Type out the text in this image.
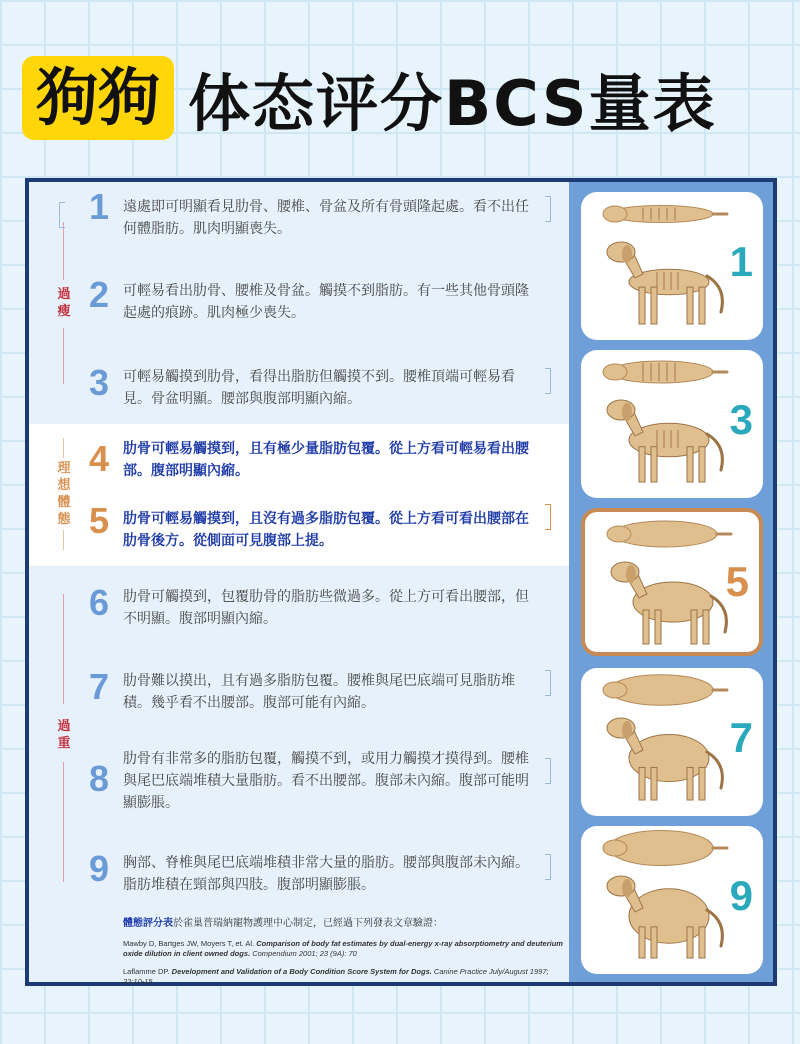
狗狗 体态评分BCS量表
過瘦
理想體態
過重
1 遠處即可明顯看見肋骨、腰椎、骨盆及所有骨頭隆起處。看不出任何體脂肪。肌肉明顯喪失。
2 可輕易看出肋骨、腰椎及骨盆。觸摸不到脂肪。有一些其他骨頭隆起處的痕跡。肌肉極少喪失。
3 可輕易觸摸到肋骨，看得出脂肪但觸摸不到。腰椎頂端可輕易看見。骨盆明顯。腰部與腹部明顯內縮。
4 肋骨可輕易觸摸到，且有極少量脂肪包覆。從上方看可輕易看出腰部。腹部明顯內縮。
5 肋骨可輕易觸摸到，且沒有過多脂肪包覆。從上方看可看出腰部在肋骨後方。從側面可見腹部上提。
6 肋骨可觸摸到，包覆肋骨的脂肪些微過多。從上方可看出腰部，但不明顯。腹部明顯內縮。
7 肋骨難以摸出，且有過多脂肪包覆。腰椎與尾巴底端可見脂肪堆積。幾乎看不出腰部。腹部可能有內縮。
8 肋骨有非常多的脂肪包覆，觸摸不到，或用力觸摸才摸得到。腰椎與尾巴底端堆積大量脂肪。看不出腰部。腹部未內縮。腹部可能明顯膨脹。
9 胸部、脊椎與尾巴底端堆積非常大量的脂肪。腰部與腹部未內縮。脂肪堆積在頸部與四肢。腹部明顯膨脹。
體態評分表於雀巢普瑞納寵物護理中心制定，已經過下列發表文章驗證：
Mawby D, Bartges JW, Moyers T, et. Al. Comparison of body fat estimates by dual-energy x-ray absorptiometry and deuterium oxide dilution in client owned dogs. Compendium 2001; 23 (9A): 70
Laflamme DP. Development and Validation of a Body Condition Score System for Dogs. Canine Practice July/August 1997; 22:10-15
1
3
5
7
9
